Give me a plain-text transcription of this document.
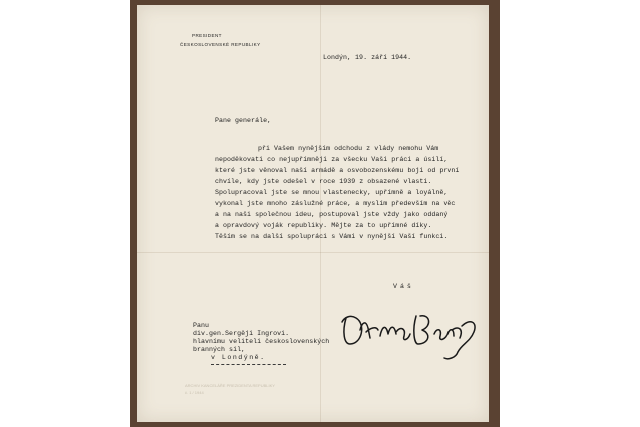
PRESIDENT
ČESKOSLOVENSKÉ REPUBLIKY
Londýn, 19. září 1944.
Pane generále,
při Vašem nynějším odchodu z vlády nemohu Vám
nepoděkovati co nejupřímněji za všecku Vaši práci a úsilí,
které jste věnoval naší armádě a osvobozenskému boji od první
chvíle, kdy jste odešel v roce 1939 z obsazené vlasti.
Spolupracoval jste se mnou vlastenecky, upřímně a loyálně,
vykonal jste mnoho záslužné práce, a myslím především na věc
a na naši společnou ideu, postupoval jste vždy jako oddaný
a opravdový voják republiky. Mějte za to upřímné díky.
Těším se na další spolupráci s Vámi v nynější Vaší funkci.
Váš
Panu
div.gen.Sergěji Ingrovi.
hlavnímu veliteli československých
branných sil,
v Londýně.
ARCHIV KANCELÁŘE PREZIDENTA REPUBLIKY
č. 1 / 1944
